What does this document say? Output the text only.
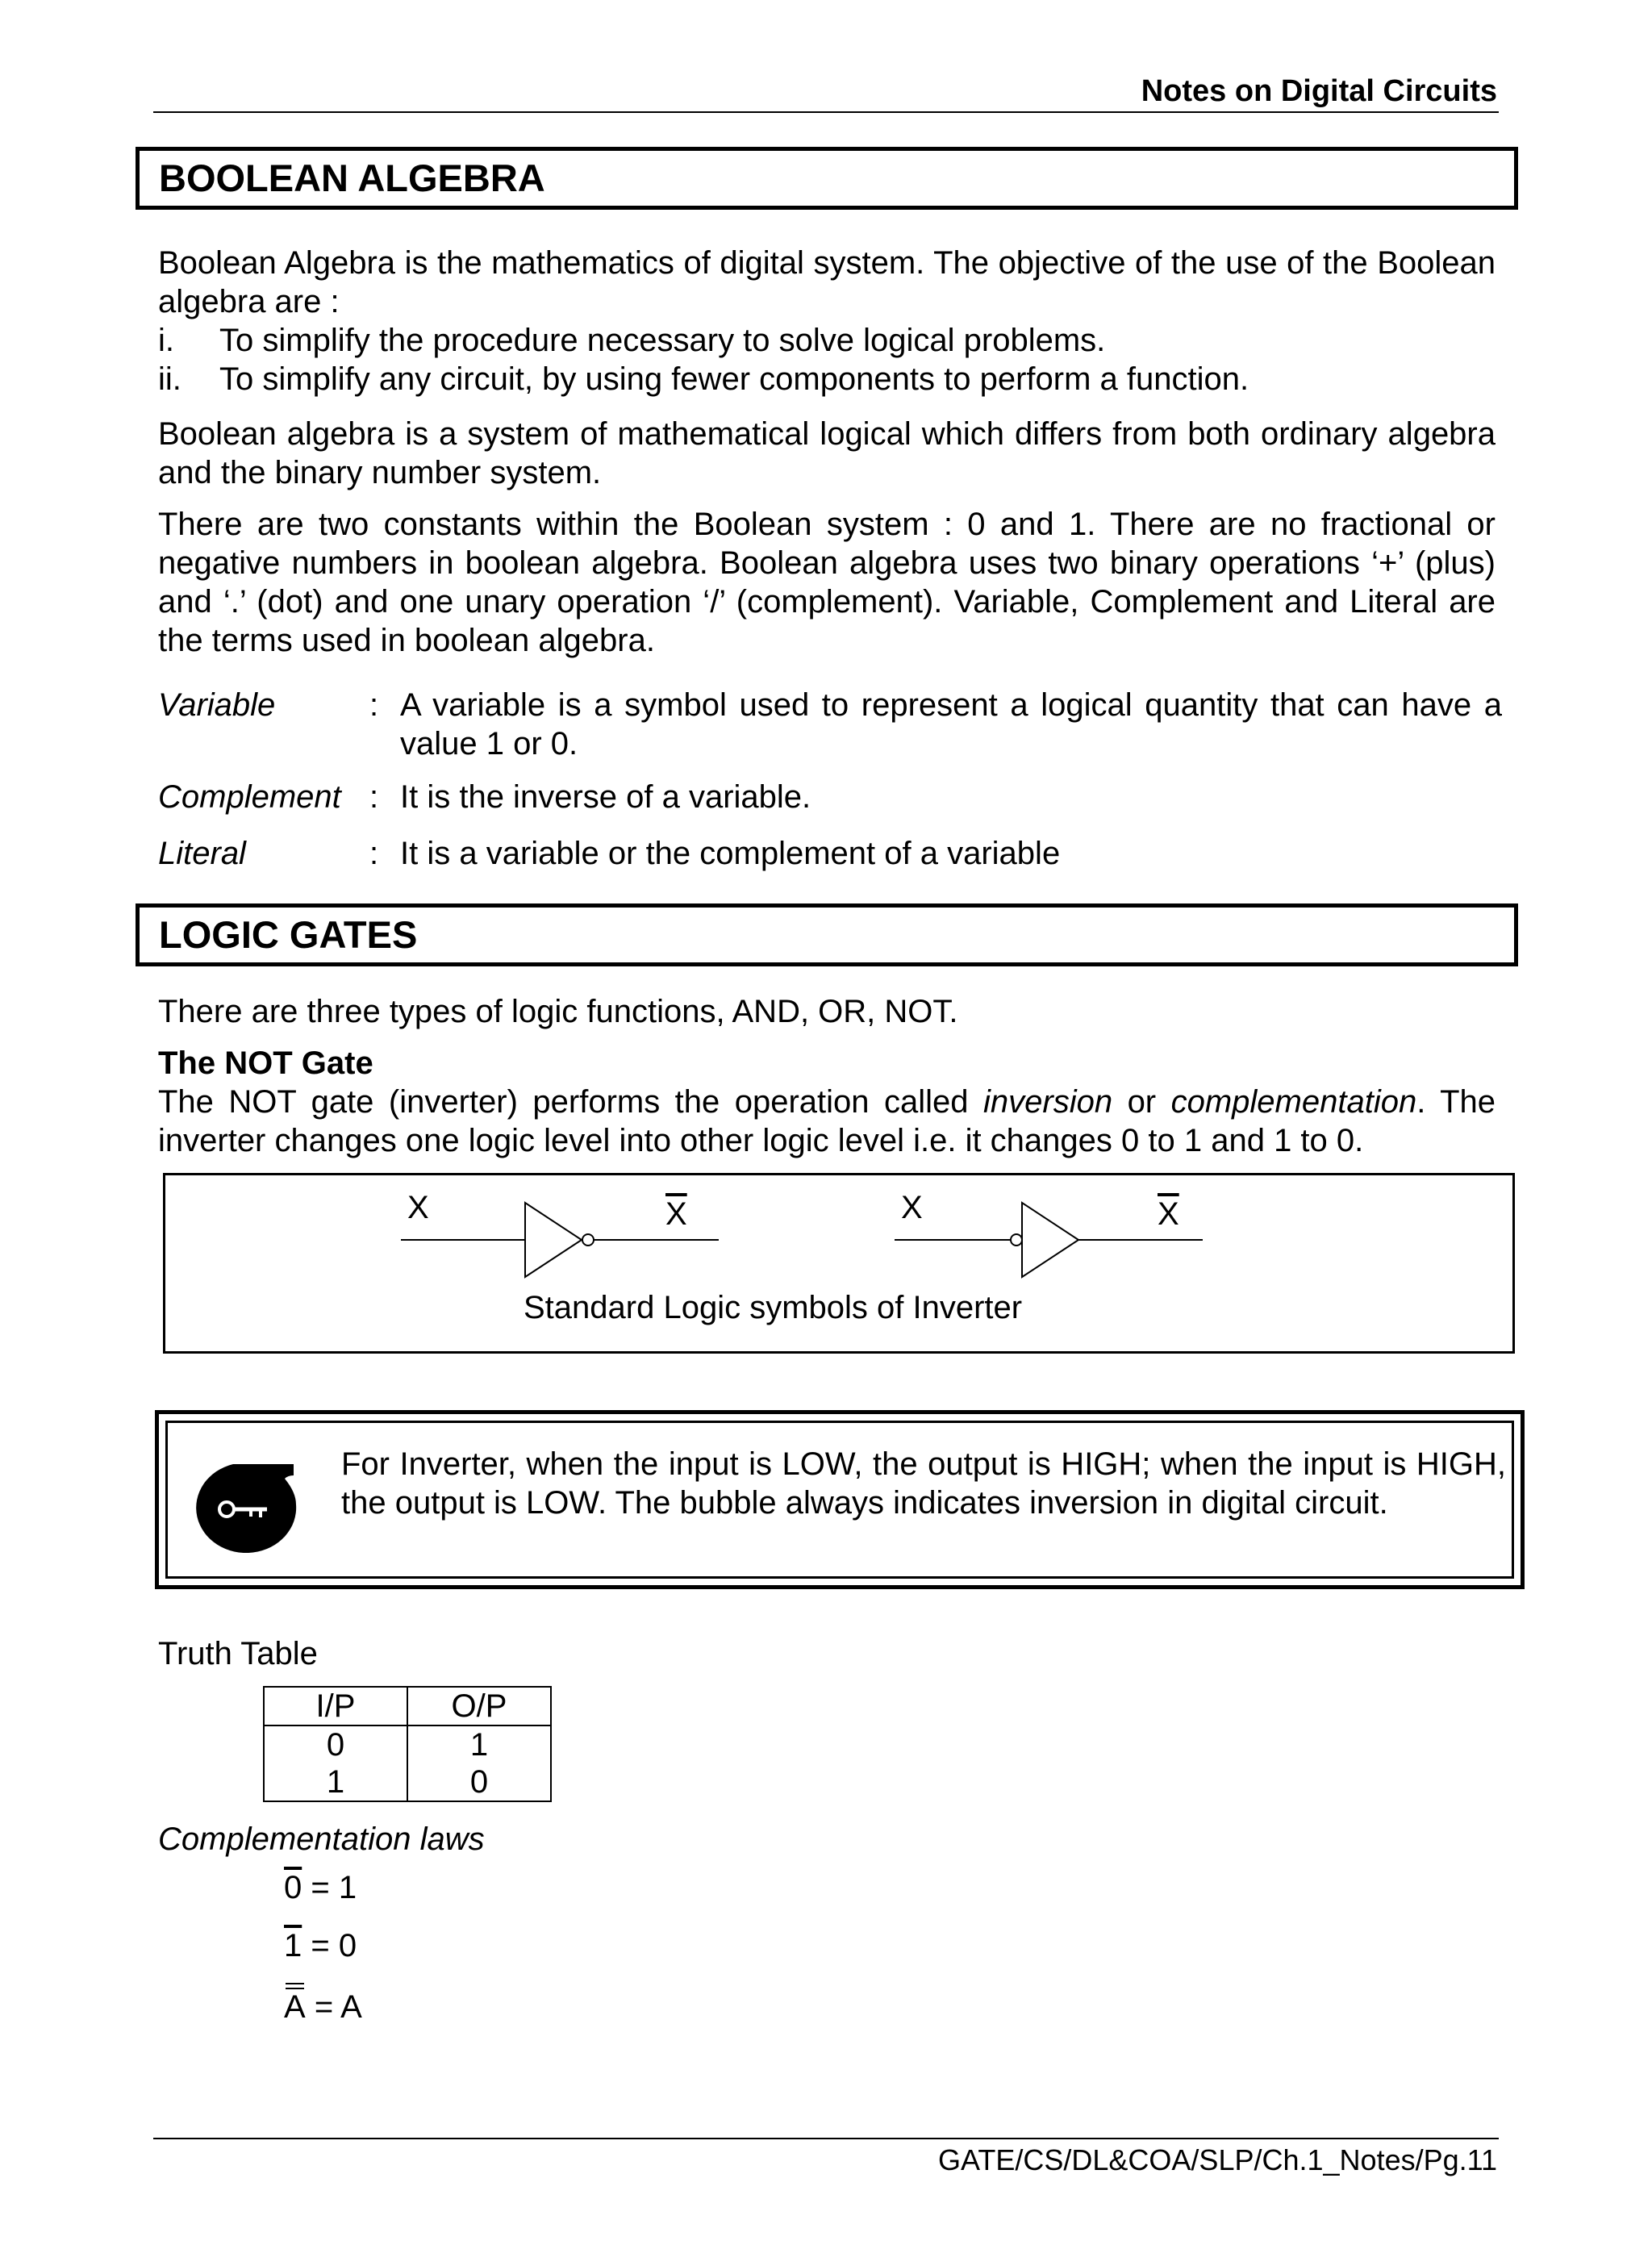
Notes on Digital Circuits
BOOLEAN ALGEBRA
Boolean Algebra is the mathematics of digital system. The objective of the use of the Boolean algebra are :
i. To simplify the procedure necessary to solve logical problems.
ii. To simplify any circuit, by using fewer components to perform a function.
Boolean algebra is a system of mathematical logical which differs from both ordinary algebra and the binary number system.
There are two constants within the Boolean system : 0 and 1. There are no fractional or negative numbers in boolean algebra. Boolean algebra uses two binary operations ‘+’ (plus) and ‘.’ (dot) and one unary operation ‘/’ (complement). Variable, Complement and Literal are the terms used in boolean algebra.
Variable	: A variable is a symbol used to represent a logical quantity that can have a value 1 or 0.
Complement : It is the inverse of a variable.
Literal	: It is a variable or the complement of a variable
LOGIC GATES
There are three types of logic functions, AND, OR, NOT.
The NOT Gate
The NOT gate (inverter) performs the operation called inversion or complementation. The inverter changes one logic level into other logic level i.e. it changes 0 to 1 and 1 to 0.
X	$\overline{X}$	X	$\overline{X}$
Standard Logic symbols of Inverter
For Inverter, when the input is LOW, the output is HIGH; when the input is HIGH, the output is LOW. The bubble always indicates inversion in digital circuit.
Truth Table
I/P	O/P
0	1
1	0
Complementation laws
0 = 1
1 = 0
A = A
GATE/CS/DL&COA/SLP/Ch.1_Notes/Pg.11
